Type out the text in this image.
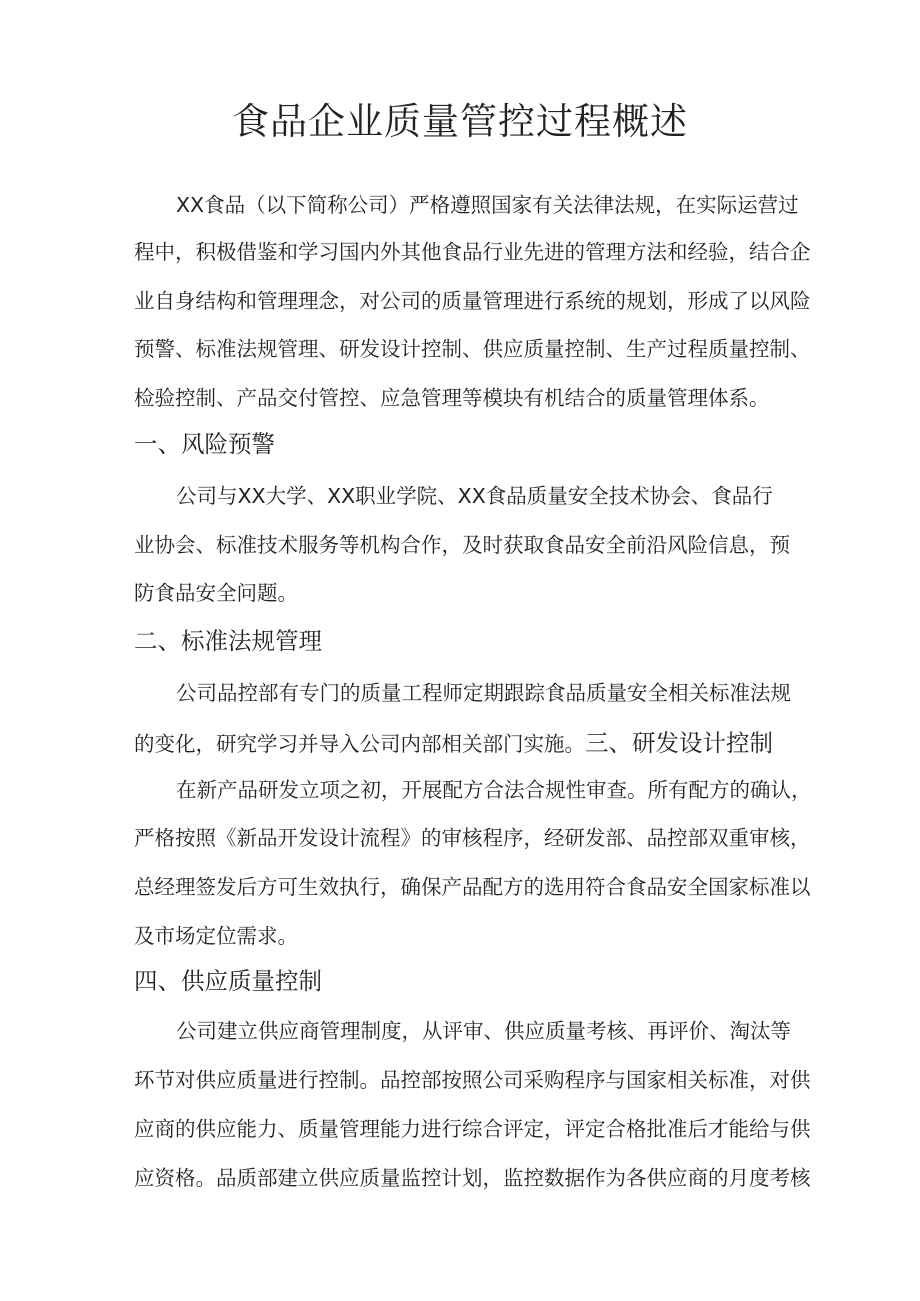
食品企业质量管控过程概述
XX食品（以下简称公司）严格遵照国家有关法律法规，在实际运营过
程中，积极借鉴和学习国内外其他食品行业先进的管理方法和经验，结合企
业自身结构和管理理念，对公司的质量管理进行系统的规划，形成了以风险
预警、标准法规管理、研发设计控制、供应质量控制、生产过程质量控制、
检验控制、产品交付管控、应急管理等模块有机结合的质量管理体系。
一、风险预警
公司与XX大学、XX职业学院、XX食品质量安全技术协会、食品行
业协会、标准技术服务等机构合作，及时获取食品安全前沿风险信息，预
防食品安全问题。
二、标准法规管理
公司品控部有专门的质量工程师定期跟踪食品质量安全相关标准法规
的变化，研究学习并导入公司内部相关部门实施。三、研发设计控制
在新产品研发立项之初，开展配方合法合规性审查。所有配方的确认，
严格按照《新品开发设计流程》的审核程序，经研发部、品控部双重审核，
总经理签发后方可生效执行，确保产品配方的选用符合食品安全国家标准以
及市场定位需求。
四、供应质量控制
公司建立供应商管理制度，从评审、供应质量考核、再评价、淘汰等
环节对供应质量进行控制。品控部按照公司采购程序与国家相关标准，对供
应商的供应能力、质量管理能力进行综合评定，评定合格批准后才能给与供
应资格。品质部建立供应质量监控计划，监控数据作为各供应商的月度考核
